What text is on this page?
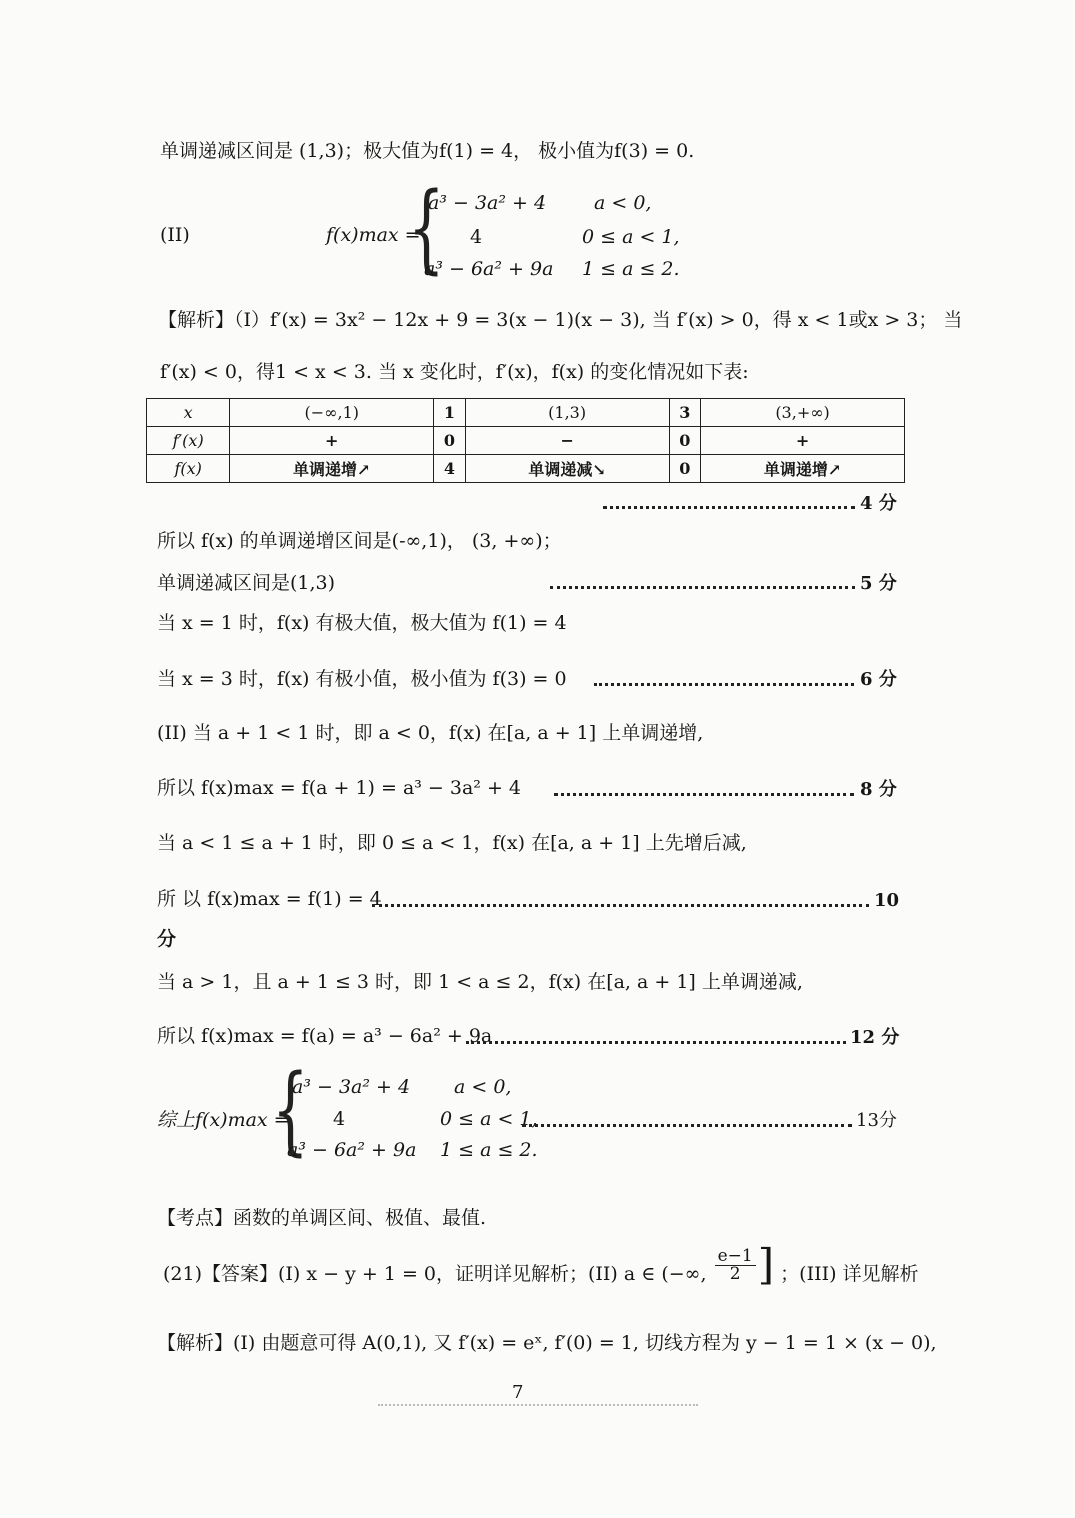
单调递减区间是 (1,3)；极大值为f(1) = 4， 极小值为f(3) = 0.
(II)	f(x)max =
{
a³ − 3a² + 4	a < 0,
4	0 ≤ a < 1,
a³ − 6a² + 9a 1 ≤ a ≤ 2.
【解析】（I）f′(x) = 3x² − 12x + 9 = 3(x − 1)(x − 3), 当 f′(x) > 0，得 x < 1或x > 3； 当
f′(x) < 0，得1 < x < 3. 当 x 变化时，f′(x)，f(x) 的变化情况如下表:
x	(−∞,1)	1	(1,3)	3	(3,+∞)
f′(x)	+	0	−	0	+
f(x)	单调递增↗	4	单调递减↘	0	单调递增↗
4 分
所以 f(x) 的单调递增区间是(-∞,1)， (3, +∞)；
单调递减区间是(1,3)	5 分
当 x = 1 时，f(x) 有极大值，极大值为 f(1) = 4
当 x = 3 时，f(x) 有极小值，极小值为 f(3) = 0	6 分
(II) 当 a + 1 < 1 时，即 a < 0，f(x) 在[a, a + 1] 上单调递增,
所以 f(x)max = f(a + 1) = a³ − 3a² + 4	8 分
当 a < 1 ≤ a + 1 时，即 0 ≤ a < 1，f(x) 在[a, a + 1] 上先增后减,
所 以 f(x)max = f(1) = 4	10
分
当 a > 1，且 a + 1 ≤ 3 时，即 1 < a ≤ 2，f(x) 在[a, a + 1] 上单调递减,
所以 f(x)max = f(a) = a³ − 6a² + 9a	12 分
综上f(x)max =
{
a³ − 3a² + 4 a < 0,
4	0 ≤ a < 1,
a³ − 6a² + 9a 1 ≤ a ≤ 2.
13分
【考点】函数的单调区间、极值、最值.
(21)【答案】(I) x − y + 1 = 0，证明详见解析；(II) a ∈ (−∞, $\frac{e-1}{2}$ ] ；(III) 详见解析
【解析】(I) 由题意可得 A(0,1), 又 f′(x) = eˣ, f′(0) = 1, 切线方程为 y − 1 = 1 × (x − 0),
7
